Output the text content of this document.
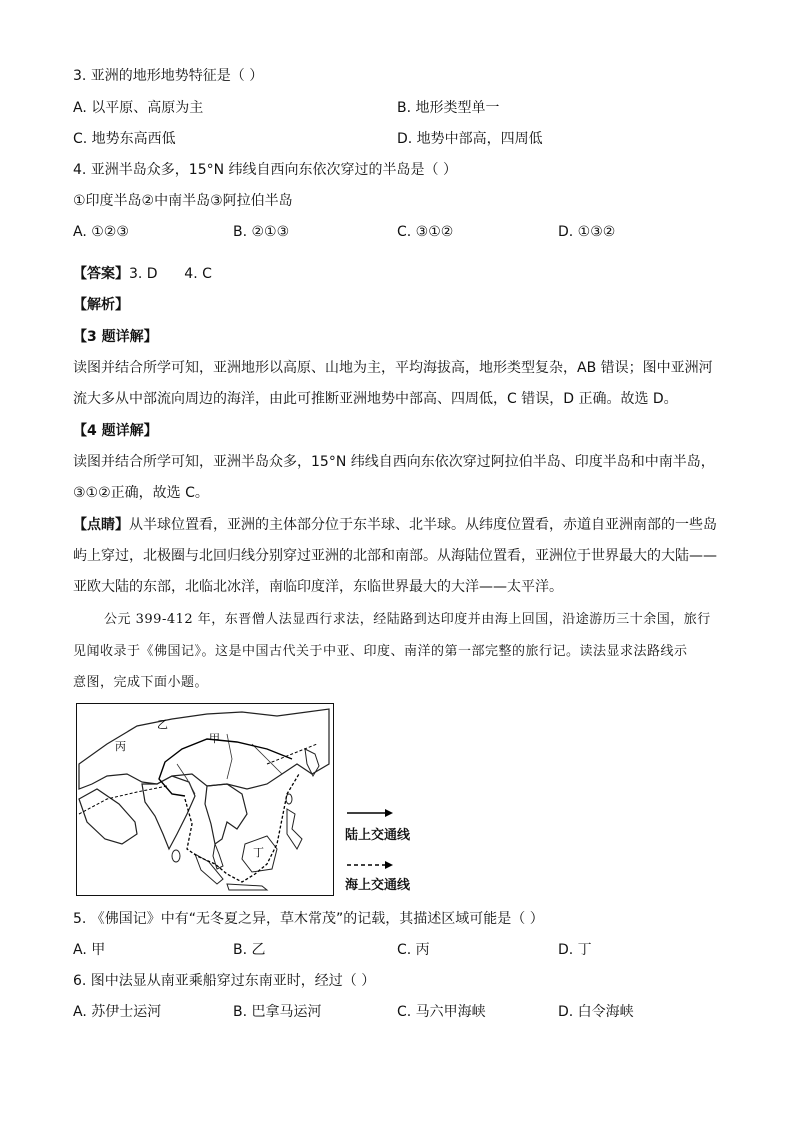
3. 亚洲的地形地势特征是（ ）
A. 以平原、高原为主	B. 地形类型单一
C. 地势东高西低	D. 地势中部高，四周低
4. 亚洲半岛众多，15°N 纬线自西向东依次穿过的半岛是（ ）
①印度半岛②中南半岛③阿拉伯半岛
A. ①②③	B. ②①③	C. ③①②	D. ①③②
【答案】3. D      4. C
【解析】
【3 题详解】
读图并结合所学可知，亚洲地形以高原、山地为主，平均海拔高，地形类型复杂，AB 错误；图中亚洲河
流大多从中部流向周边的海洋，由此可推断亚洲地势中部高、四周低，C 错误，D 正确。故选 D。
【4 题详解】
读图并结合所学可知，亚洲半岛众多，15°N 纬线自西向东依次穿过阿拉伯半岛、印度半岛和中南半岛，
③①②正确，故选 C。
【点睛】从半球位置看，亚洲的主体部分位于东半球、北半球。从纬度位置看，赤道自亚洲南部的一些岛
屿上穿过，北极圈与北回归线分别穿过亚洲的北部和南部。从海陆位置看，亚洲位于世界最大的大陆——
亚欧大陆的东部，北临北冰洋，南临印度洋，东临世界最大的大洋——太平洋。
公元 399-412 年，东晋僧人法显西行求法，经陆路到达印度并由海上回国，沿途游历三十余国，旅行
见闻收录于《佛国记》。这是中国古代关于中亚、印度、南洋的第一部完整的旅行记。读法显求法路线示
意图，完成下面小题。
乙
甲
丙
丁
陆上交通线
海上交通线
5. 《佛国记》中有“无冬夏之异，草木常茂”的记载，其描述区域可能是（ ）
A. 甲	B. 乙	C. 丙	D. 丁
6. 图中法显从南亚乘船穿过东南亚时，经过（ ）
A. 苏伊士运河	B. 巴拿马运河	C. 马六甲海峡	D. 白令海峡
